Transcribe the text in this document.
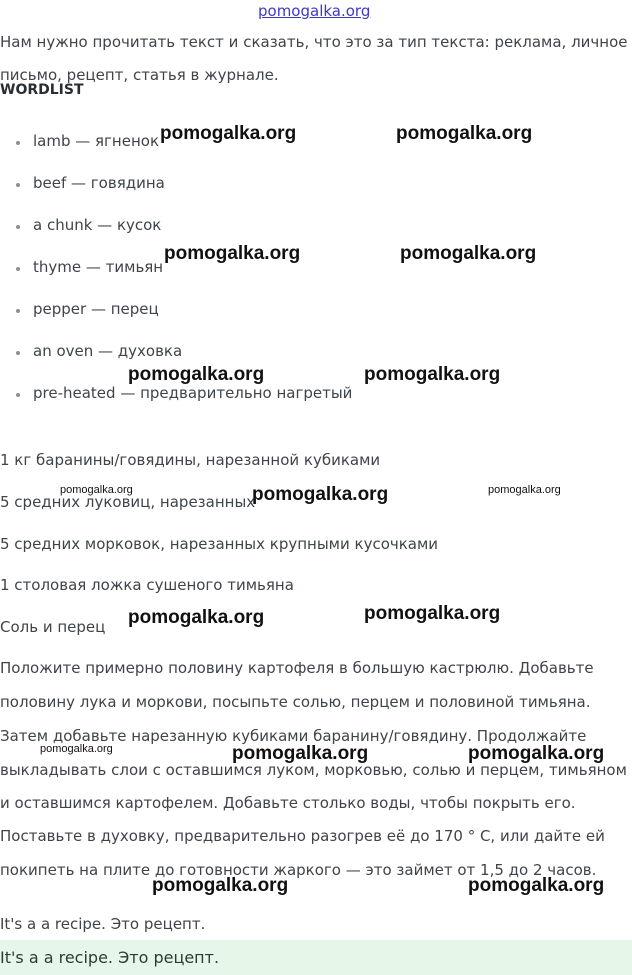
pomogalka.org
Нам нужно прочитать текст и сказать, что это за тип текста: реклама, личное
письмо, рецепт, статья в журнале.
WORDLIST
lamb — ягненок
beef — говядина
a chunk — кусок
thyme — тимьян
pepper — перец
an oven — духовка
pre-heated — предварительно нагретый
1 кг баранины/говядины, нарезанной кубиками
5 средних луковиц, нарезанных
5 средних морковок, нарезанных крупными кусочками
1 столовая ложка сушеного тимьяна
Соль и перец
Положите примерно половину картофеля в большую кастрюлю. Добавьте
половину лука и моркови, посыпьте солью, перцем и половиной тимьяна.
Затем добавьте нарезанную кубиками баранину/говядину. Продолжайте
выкладывать слои с оставшимся луком, морковью, солью и перцем, тимьяном
и оставшимся картофелем. Добавьте столько воды, чтобы покрыть его.
Поставьте в духовку, предварительно разогрев её до 170 ° C, или дайте ей
покипеть на плите до готовности жаркого — это займет от 1,5 до 2 часов.
It's a a recipe. Это рецепт.
It's a a recipe. Это рецепт.
pomogalka.org	pomogalka.org
pomogalka.org	pomogalka.org
pomogalka.org	pomogalka.org
pomogalka.org	pomogalka.org	pomogalka.org
pomogalka.org	pomogalka.org
pomogalka.org	pomogalka.org	pomogalka.org
pomogalka.org	pomogalka.org
